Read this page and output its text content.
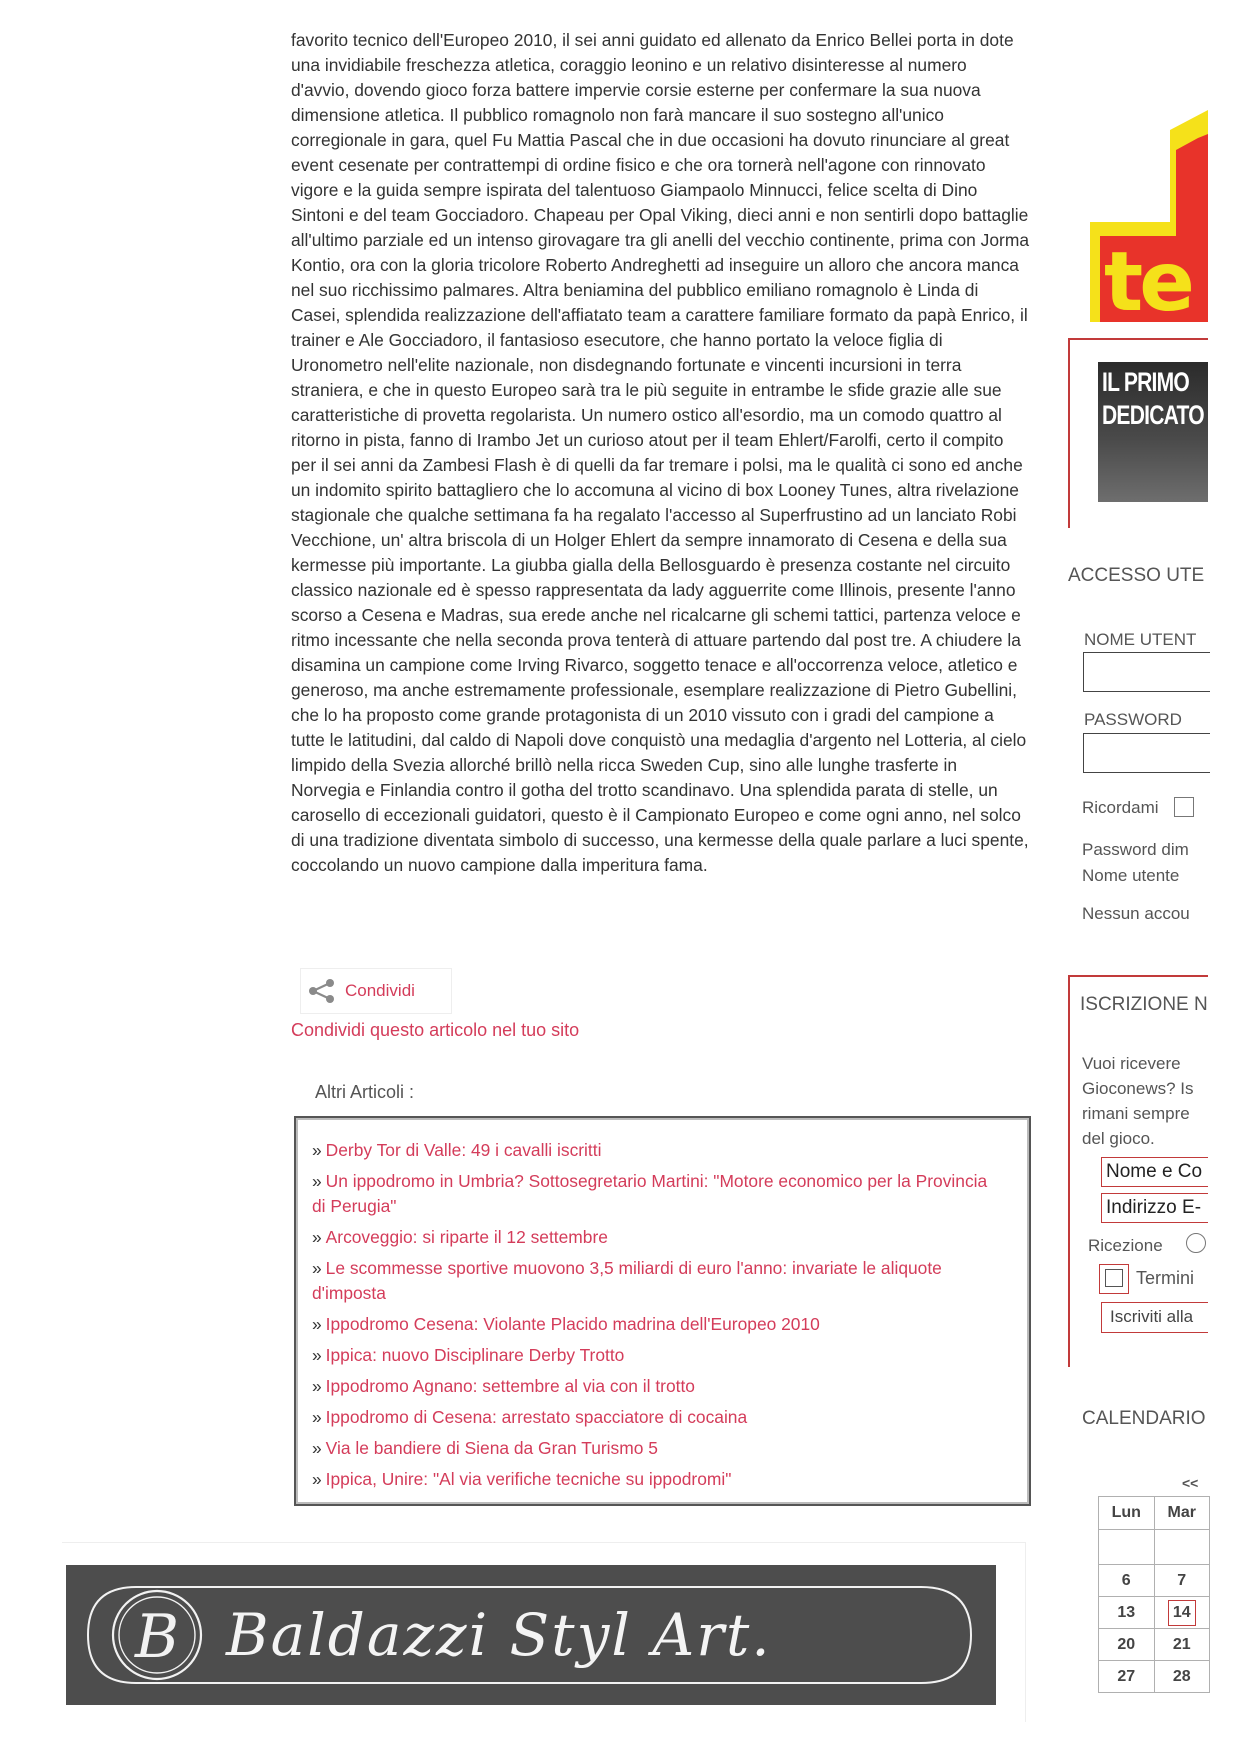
favorito tecnico dell'Europeo 2010, il sei anni guidato ed allenato da Enrico Bellei porta in dote una invidiabile freschezza atletica, coraggio leonino e un relativo disinteresse al numero d'avvio, dovendo gioco forza battere impervie corsie esterne per confermare la sua nuova dimensione atletica. Il pubblico romagnolo non farà mancare il suo sostegno all'unico corregionale in gara, quel Fu Mattia Pascal che in due occasioni ha dovuto rinunciare al great event cesenate per contrattempi di ordine fisico e che ora tornerà nell'agone con rinnovato vigore e la guida sempre ispirata del talentuoso Giampaolo Minnucci, felice scelta di Dino Sintoni e del team Gocciadoro. Chapeau per Opal Viking, dieci anni e non sentirli dopo battaglie all'ultimo parziale ed un intenso girovagare tra gli anelli del vecchio continente, prima con Jorma Kontio, ora con la gloria tricolore Roberto Andreghetti ad inseguire un alloro che ancora manca nel suo ricchissimo palmares. Altra beniamina del pubblico emiliano romagnolo è Linda di Casei, splendida realizzazione dell'affiatato team a carattere familiare formato da papà Enrico, il trainer e Ale Gocciadoro, il fantasioso esecutore, che hanno portato la veloce figlia di Uronometro nell'elite nazionale, non disdegnando fortunate e vincenti incursioni in terra straniera, e che in questo Europeo sarà tra le più seguite in entrambe le sfide grazie alle sue caratteristiche di provetta regolarista. Un numero ostico all'esordio, ma un comodo quattro al ritorno in pista, fanno di Irambo Jet un curioso atout per il team Ehlert/Farolfi, certo il compito per il sei anni da Zambesi Flash è di quelli da far tremare i polsi, ma le qualità ci sono ed anche un indomito spirito battagliero che lo accomuna al vicino di box Looney Tunes, altra rivelazione stagionale che qualche settimana fa ha regalato l'accesso al Superfrustino ad un lanciato Robi Vecchione, un' altra briscola di un Holger Ehlert da sempre innamorato di Cesena e della sua kermesse più importante. La giubba gialla della Bellosguardo è presenza costante nel circuito classico nazionale ed è spesso rappresentata da lady agguerrite come Illinois, presente l'anno scorso a Cesena e Madras, sua erede anche nel ricalcarne gli schemi tattici, partenza veloce e ritmo incessante che nella seconda prova tenterà di attuare partendo dal post tre. A chiudere la disamina un campione come Irving Rivarco, soggetto tenace e all'occorrenza veloce, atletico e generoso, ma anche estremamente professionale, esemplare realizzazione di Pietro Gubellini, che lo ha proposto come grande protagonista di un 2010 vissuto con i gradi del campione a tutte le latitudini, dal caldo di Napoli dove conquistò una medaglia d'argento nel Lotteria, al cielo limpido della Svezia allorché brillò nella ricca Sweden Cup, sino alle lunghe trasferte in Norvegia e Finlandia contro il gotha del trotto scandinavo. Una splendida parata di stelle, un carosello di eccezionali guidatori, questo è il Campionato Europeo e come ogni anno, nel solco di una tradizione diventata simbolo di successo, una kermesse della quale parlare a luci spente, coccolando un nuovo campione dalla imperitura fama.

Condividi
Condividi questo articolo nel tuo sito
Altri Articoli :
» Derby Tor di Valle: 49 i cavalli iscritti
» Un ippodromo in Umbria? Sottosegretario Martini: "Motore economico per la Provincia di Perugia"
» Arcoveggio: si riparte il 12 settembre
» Le scommesse sportive muovono 3,5 miliardi di euro l'anno: invariate le aliquote d'imposta
» Ippodromo Cesena: Violante Placido madrina dell'Europeo 2010
» Ippica: nuovo Disciplinare Derby Trotto
» Ippodromo Agnano: settembre al via con il trotto
» Ippodromo di Cesena: arrestato spacciatore di cocaina
» Via le bandiere di Siena da Gran Turismo 5
» Ippica, Unire: "Al via verifiche tecniche su ippodromi"
B Baldazzi Styl Art.
te
IL PRIMO
DEDICATO
ACCESSO UTE
NOME UTENT
PASSWORD
Ricordami
Password dim
Nome utente
Nessun accou
ISCRIZIONE N
Vuoi ricevere
Gioconews? Is
rimani sempre
del gioco.
Nome e Co
Indirizzo E-
Ricezione
Termini
Iscriviti alla
CALENDARIO
<<
Lun	Mar

6	7
13	14
20	21
27	28
